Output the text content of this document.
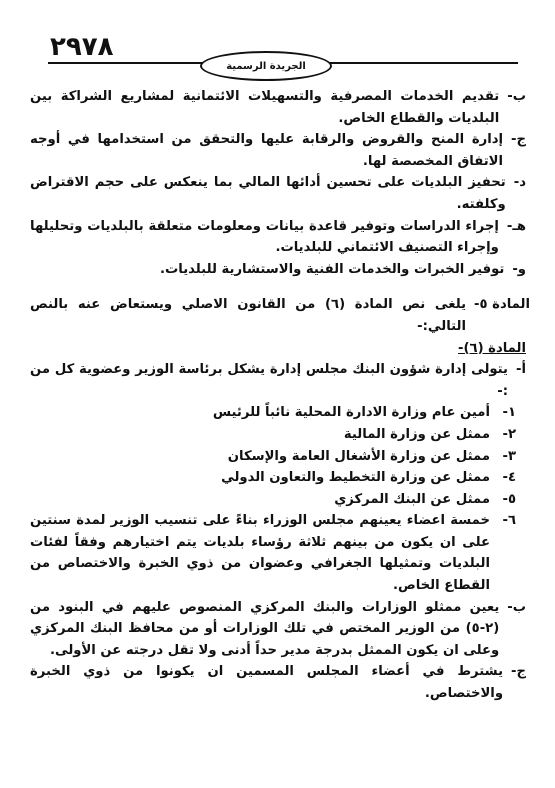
٢٩٧٨
الجريدة الرسمية
ب-
تقديم الخدمات المصرفية والتسهيلات الائتمانية لمشاريع الشراكة بين البلديات والقطاع الخاص.
ج-
إدارة المنح والقروض والرقابة عليها والتحقق من استخدامها في أوجه الاتفاق المخصصة لها.
د-
تحفيز البلديات على تحسين أدائها المالي بما ينعكس على حجم الاقتراض وكلفته.
هـ-
إجراء الدراسات وتوفير قاعدة بيانات ومعلومات متعلقة بالبلديات وتحليلها وإجراء التصنيف الائتماني للبلديات.
و-
توفير الخبرات والخدمات الفنية والاستشارية للبلديات.
المادة ٥-
يلغى نص المادة (٦) من القانون الاصلي ويستعاض عنه بالنص التالي:-
المادة (٦)-
أ-
يتولى إدارة شؤون البنك مجلس إدارة يشكل برئاسة الوزير وعضوية كل من :-
١-
أمين عام وزارة الادارة المحلية نائباً للرئيس
٢-
ممثل عن وزارة المالية
٣-
ممثل عن وزارة الأشغال العامة والإسكان
٤-
ممثل عن وزارة التخطيط والتعاون الدولي
٥-
ممثل عن البنك المركزي
٦-
خمسة اعضاء يعينهم مجلس الوزراء بناءً على تنسيب الوزير لمدة سنتين على ان يكون من بينهم ثلاثة رؤساء بلديات يتم اختيارهم وفقاً لفئات البلديات وتمثيلها الجغرافي وعضوان من ذوي الخبرة والاختصاص من القطاع الخاص.
ب-
يعين ممثلو الوزارات والبنك المركزي المنصوص عليهم في البنود من (٢-٥) من الوزير المختص في تلك الوزارات أو من محافظ البنك المركزي وعلى ان يكون الممثل بدرجة مدير حداً أدنى ولا تقل درجته عن الأولى.
ج-
يشترط في أعضاء المجلس المسمين ان يكونوا من ذوي الخبرة والاختصاص.
